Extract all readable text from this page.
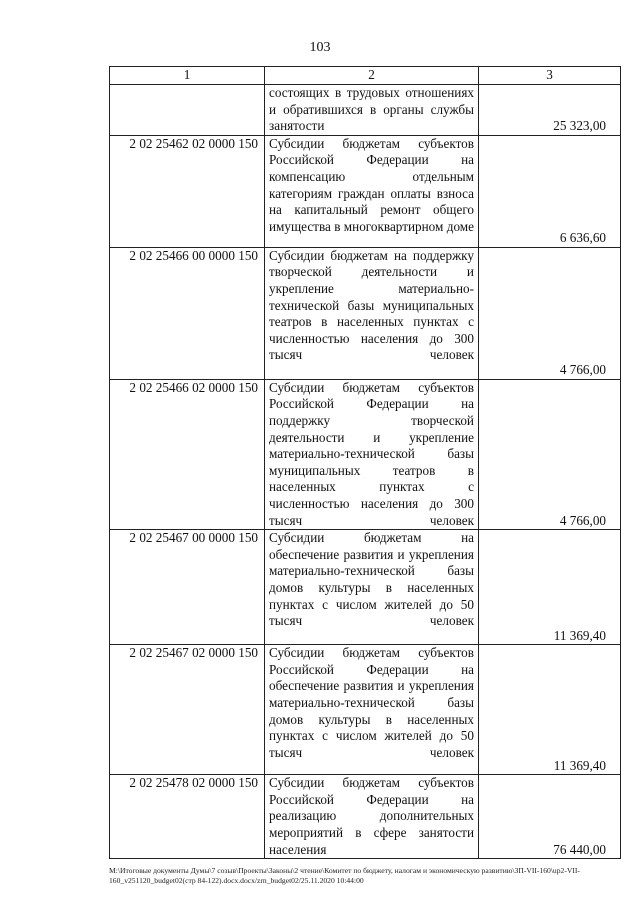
103
1	2	3
	состоящих в трудовых отношениях и обратившихся в органы службы занятости	25 323,00
2 02 25462 02 0000 150	Субсидии бюджетам субъектов Российской Федерации на компенсацию отдельным категориям граждан оплаты взноса на капитальный ремонт общего имущества в многоквартирном доме	6 636,60
2 02 25466 00 0000 150	Субсидии бюджетам на поддержку творческой деятельности и укрепление материально-технической базы муниципальных театров в населенных пунктах с численностью населения до 300 тысяч человек	4 766,00
2 02 25466 02 0000 150	Субсидии бюджетам субъектов Российской Федерации на поддержку творческой деятельности и укрепление материально-технической базы муниципальных театров в населенных пунктах с численностью населения до 300 тысяч человек	4 766,00
2 02 25467 00 0000 150	Субсидии бюджетам на обеспечение развития и укрепления материально-технической базы домов культуры в населенных пунктах с числом жителей до 50 тысяч человек	11 369,40
2 02 25467 02 0000 150	Субсидии бюджетам субъектов Российской Федерации на обеспечение развития и укрепления материально-технической базы домов культуры в населенных пунктах с числом жителей до 50 тысяч человек	11 369,40
2 02 25478 02 0000 150	Субсидии бюджетам субъектов Российской Федерации на реализацию дополнительных мероприятий в сфере занятости населения	76 440,00
M:\Итоговые документы Думы\7 созыв\Проекты\Законы\2 чтение\Комитет по бюджету, налогам и экономическую развитию\ЗП-VII-160\up2-VII-160_v251120_budget02(стр 84-122).docx.docx/zrn_budget02/25.11.2020 10:44:00
